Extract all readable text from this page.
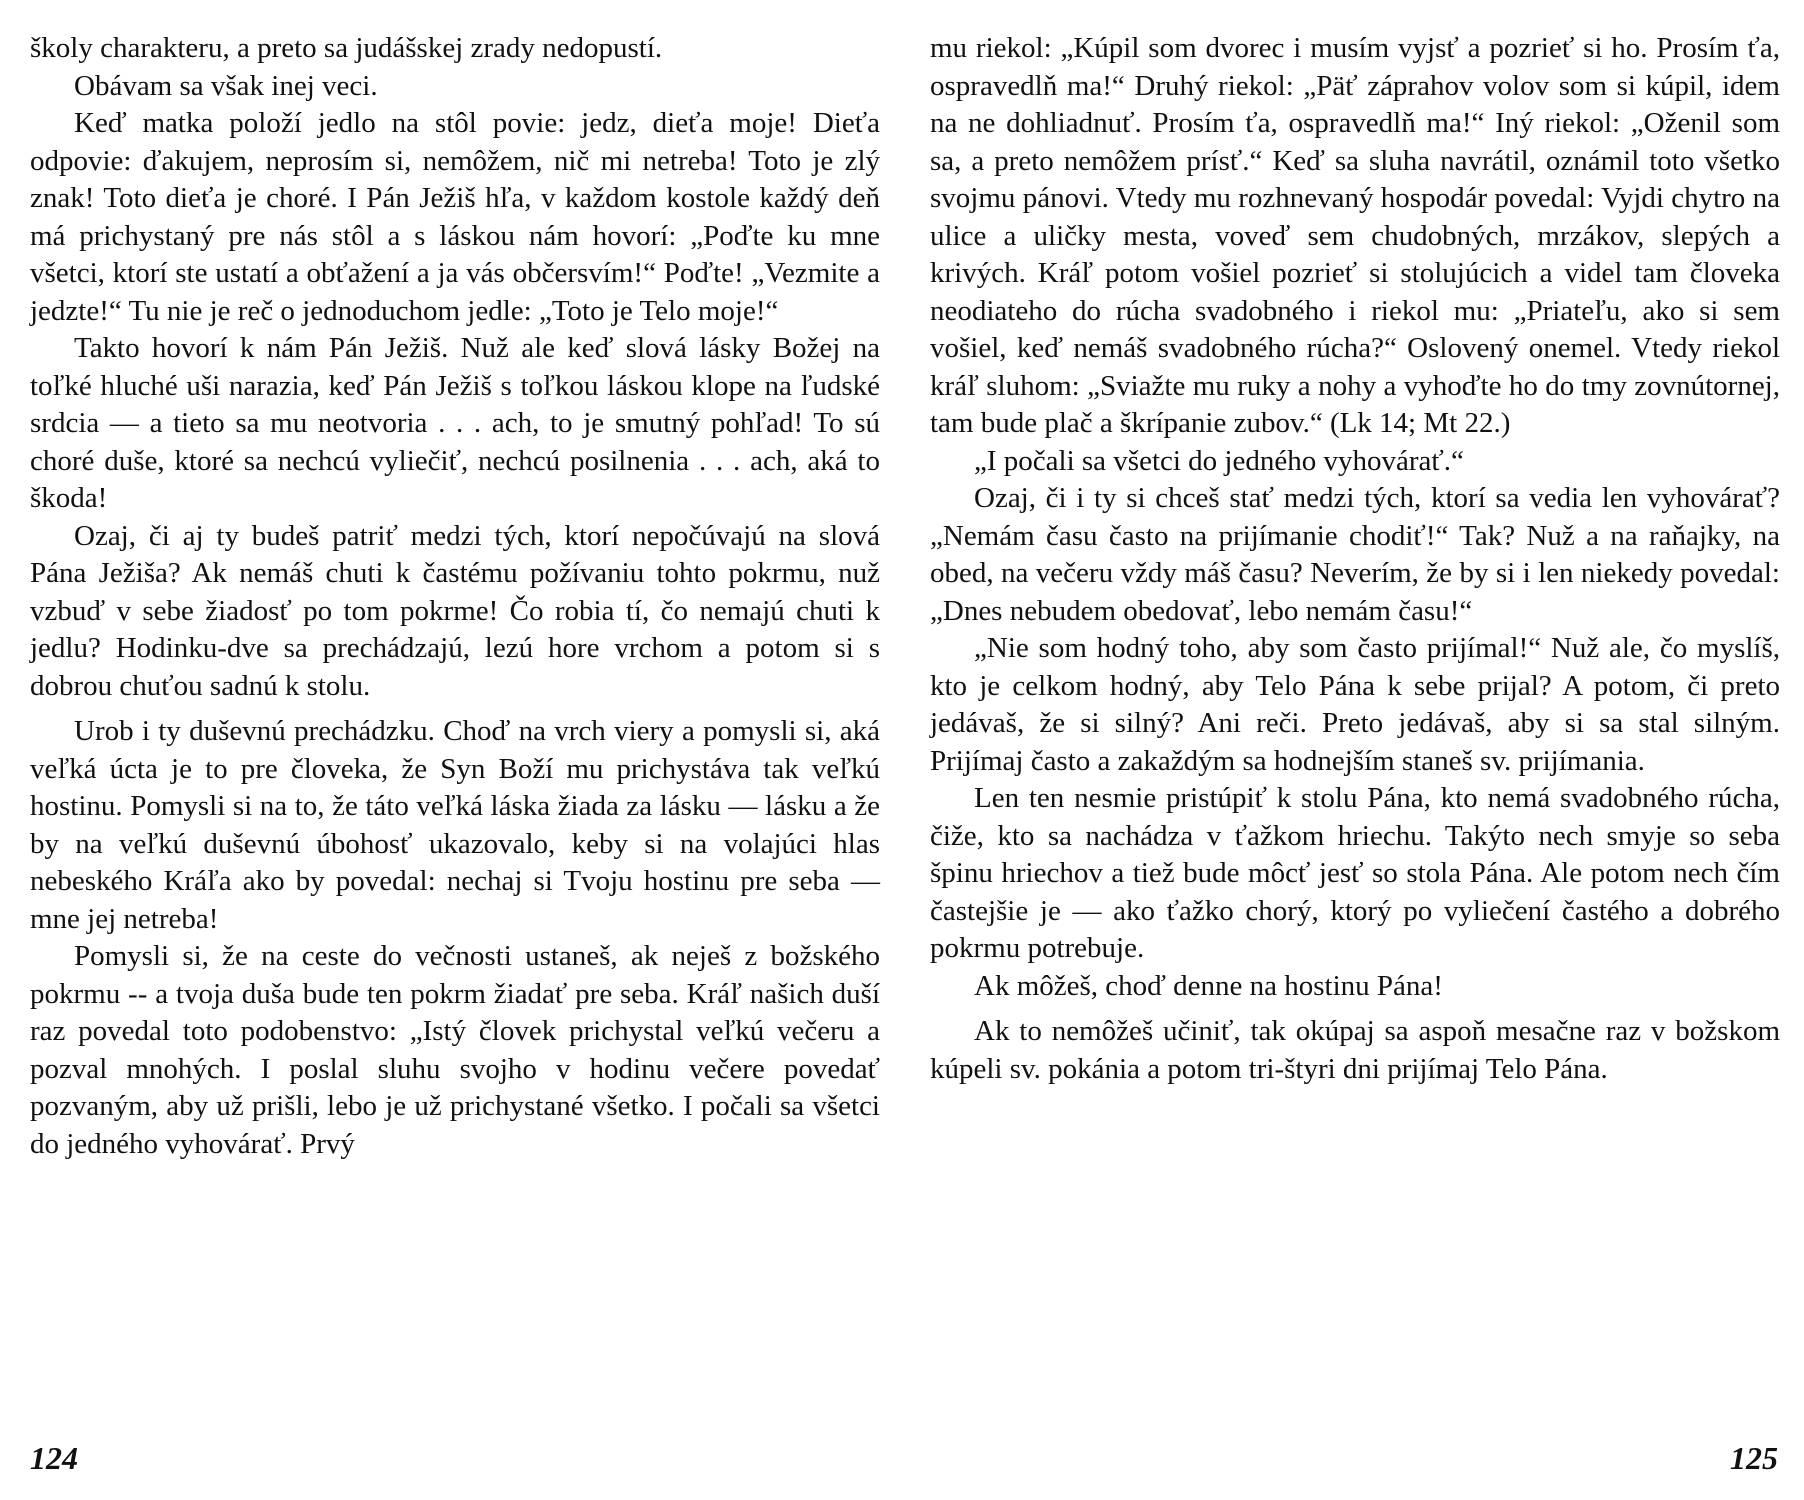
školy charakteru, a preto sa judášskej zrady nedopustí.

Obávam sa však inej veci.

Keď matka položí jedlo na stôl povie: jedz, dieťa moje! Dieťa odpovie: ďakujem, neprosím si, nemôžem, nič mi netreba! Toto je zlý znak! Toto dieťa je choré. I Pán Ježiš hľa, v každom kostole každý deň má prichystaný pre nás stôl a s láskou nám hovorí: „Poďte ku mne všetci, ktorí ste ustatí a obťažení a ja vás občersvím!“ Poďte! „Vezmite a jedzte!“ Tu nie je reč o jednoduchom jedle: „Toto je Telo moje!“

Takto hovorí k nám Pán Ježiš. Nuž ale keď slová lásky Božej na toľké hluché uši narazia, keď Pán Ježiš s toľkou láskou klope na ľudské srdcia — a tieto sa mu neotvoria . . . ach, to je smutný pohľad! To sú choré duše, ktoré sa nechcú vyliečiť, nechcú posilnenia . . . ach, aká to škoda!

Ozaj, či aj ty budeš patriť medzi tých, ktorí nepočúvajú na slová Pána Ježiša? Ak nemáš chuti k častému požívaniu tohto pokrmu, nuž vzbuď v sebe žiadosť po tom pokrme! Čo robia tí, čo nemajú chuti k jedlu? Hodinku-dve sa prechádzajú, lezú hore vrchom a potom si s dobrou chuťou sadnú k stolu.

Urob i ty duševnú prechádzku. Choď na vrch viery a pomysli si, aká veľká úcta je to pre človeka, že Syn Boží mu prichystáva tak veľkú hostinu. Pomysli si na to, že táto veľká láska žiada za lásku — lásku a že by na veľkú duševnú úbohosť ukazovalo, keby si na volajúci hlas nebeského Kráľa ako by povedal: nechaj si Tvoju hostinu pre seba — mne jej netreba!

Pomysli si, že na ceste do večnosti ustaneš, ak neješ z božského pokrmu -- a tvoja duša bude ten pokrm žiadať pre seba. Kráľ našich duší raz povedal toto podobenstvo: „Istý človek prichystal veľkú večeru a pozval mnohých. I poslal sluhu svojho v hodinu večere povedať pozvaným, aby už prišli, lebo je už prichystané všetko. I počali sa všetci do jedného vyhovárať. Prvý

mu riekol: „Kúpil som dvorec i musím vyjsť a pozrieť si ho. Prosím ťa, ospravedlň ma!“ Druhý riekol: „Päť záprahov volov som si kúpil, idem na ne dohliadnuť. Prosím ťa, ospravedlň ma!“ Iný riekol: „Oženil som sa, a preto nemôžem prísť.“ Keď sa sluha navrátil, oznámil toto všetko svojmu pánovi. Vtedy mu rozhnevaný hospodár povedal: Vyjdi chytro na ulice a uličky mesta, voveď sem chudobných, mrzákov, slepých a krivých. Kráľ potom vošiel pozrieť si stolujúcich a videl tam človeka neodiateho do rúcha svadobného i riekol mu: „Priateľu, ako si sem vošiel, keď nemáš svadobného rúcha?“ Oslovený onemel. Vtedy riekol kráľ sluhom: „Sviažte mu ruky a nohy a vyhoďte ho do tmy zovnútornej, tam bude plač a škrípanie zubov.“ (Lk 14; Mt 22.)

„I počali sa všetci do jedného vyhovárať.“

Ozaj, či i ty si chceš stať medzi tých, ktorí sa vedia len vyhovárať? „Nemám času často na prijímanie chodiť!“ Tak? Nuž a na raňajky, na obed, na večeru vždy máš času? Neverím, že by si i len niekedy povedal: „Dnes nebudem obedovať, lebo nemám času!“

„Nie som hodný toho, aby som často prijímal!“ Nuž ale, čo myslíš, kto je celkom hodný, aby Telo Pána k sebe prijal? A potom, či preto jedávaš, že si silný? Ani reči. Preto jedávaš, aby si sa stal silným. Prijímaj často a zakaždým sa hodnejším staneš sv. prijímania.

Len ten nesmie pristúpiť k stolu Pána, kto nemá svadobného rúcha, čiže, kto sa nachádza v ťažkom hriechu. Takýto nech smyje so seba špinu hriechov a tiež bude môcť jesť so stola Pána. Ale potom nech čím častejšie je — ako ťažko chorý, ktorý po vyliečení častého a dobrého pokrmu potrebuje.

Ak môžeš, choď denne na hostinu Pána!

Ak to nemôžeš učiniť, tak okúpaj sa aspoň mesačne raz v božskom kúpeli sv. pokánia a potom tri-štyri dni prijímaj Telo Pána.

124	125
